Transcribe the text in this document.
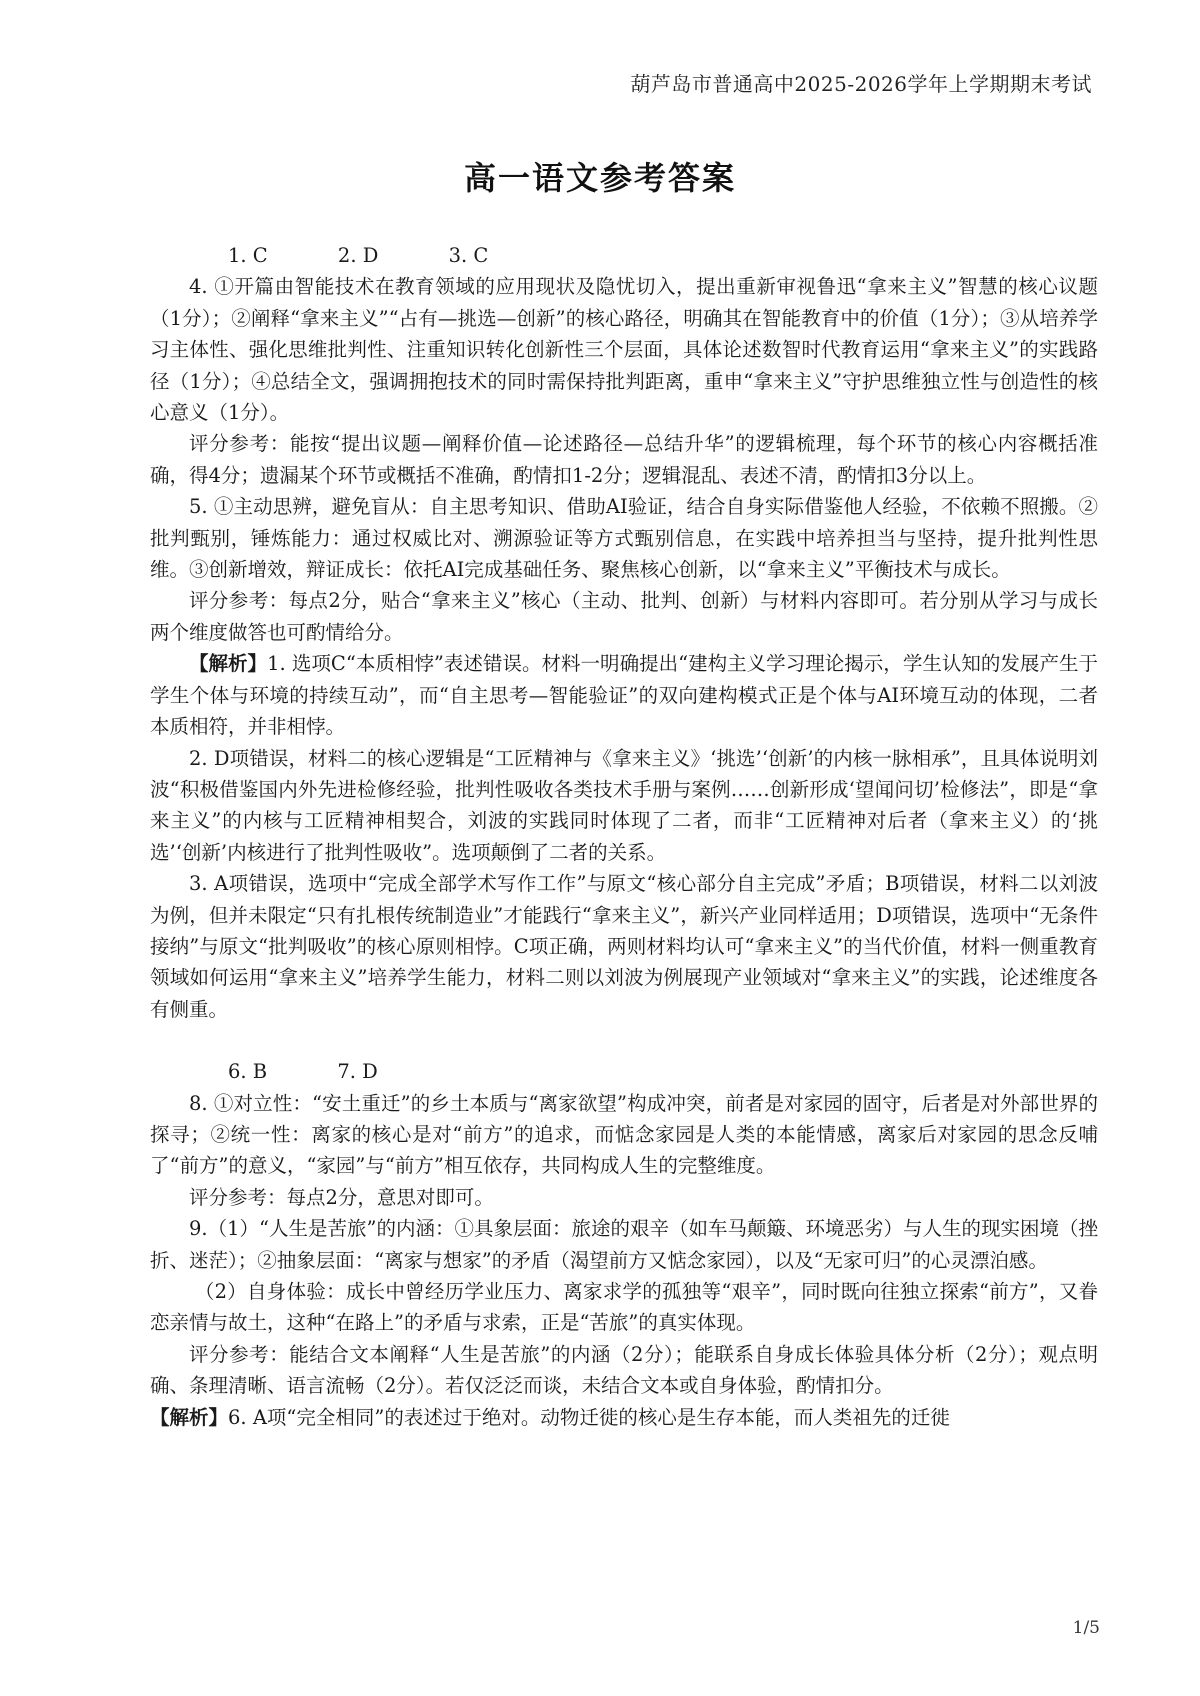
葫芦岛市普通高中2025-2026学年上学期期末考试
高一语文参考答案

1. C	2. D	3. C

4. ①开篇由智能技术在教育领域的应用现状及隐忧切入，提出重新审视鲁迅“拿来主义”智慧的核心议题（1分）；②阐释“拿来主义”“占有—挑选—创新”的核心路径，明确其在智能教育中的价值（1分）；③从培养学习主体性、强化思维批判性、注重知识转化创新性三个层面，具体论述数智时代教育运用“拿来主义”的实践路径（1分）；④总结全文，强调拥抱技术的同时需保持批判距离，重申“拿来主义”守护思维独立性与创造性的核心意义（1分）。

评分参考：能按“提出议题—阐释价值—论述路径—总结升华”的逻辑梳理，每个环节的核心内容概括准确，得4分；遗漏某个环节或概括不准确，酌情扣1-2分；逻辑混乱、表述不清，酌情扣3分以上。

5. ①主动思辨，避免盲从：自主思考知识、借助AI验证，结合自身实际借鉴他人经验，不依赖不照搬。②批判甄别，锤炼能力：通过权威比对、溯源验证等方式甄别信息，在实践中培养担当与坚持，提升批判性思维。③创新增效，辩证成长：依托AI完成基础任务、聚焦核心创新，以“拿来主义”平衡技术与成长。

评分参考：每点2分，贴合“拿来主义”核心（主动、批判、创新）与材料内容即可。若分别从学习与成长两个维度做答也可酌情给分。

【解析】1. 选项C“本质相悖”表述错误。材料一明确提出“建构主义学习理论揭示，学生认知的发展产生于学生个体与环境的持续互动”，而“自主思考—智能验证”的双向建构模式正是个体与AI环境互动的体现，二者本质相符，并非相悖。

2. D项错误，材料二的核心逻辑是“工匠精神与《拿来主义》‘挑选’‘创新’的内核一脉相承”，且具体说明刘波“积极借鉴国内外先进检修经验，批判性吸收各类技术手册与案例……创新形成‘望闻问切’检修法”，即是“拿来主义”的内核与工匠精神相契合，刘波的实践同时体现了二者，而非“工匠精神对后者（拿来主义）的‘挑选’‘创新’内核进行了批判性吸收”。选项颠倒了二者的关系。

3. A项错误，选项中“完成全部学术写作工作”与原文“核心部分自主完成”矛盾；B项错误，材料二以刘波为例，但并未限定“只有扎根传统制造业”才能践行“拿来主义”，新兴产业同样适用；D项错误，选项中“无条件接纳”与原文“批判吸收”的核心原则相悖。C项正确，两则材料均认可“拿来主义”的当代价值，材料一侧重教育领域如何运用“拿来主义”培养学生能力，材料二则以刘波为例展现产业领域对“拿来主义”的实践，论述维度各有侧重。

6. B	7. D

8. ①对立性：“安土重迁”的乡土本质与“离家欲望”构成冲突，前者是对家园的固守，后者是对外部世界的探寻；②统一性：离家的核心是对“前方”的追求，而惦念家园是人类的本能情感，离家后对家园的思念反哺了“前方”的意义，“家园”与“前方”相互依存，共同构成人生的完整维度。

评分参考：每点2分，意思对即可。

9.（1）“人生是苦旅”的内涵：①具象层面：旅途的艰辛（如车马颠簸、环境恶劣）与人生的现实困境（挫折、迷茫）；②抽象层面：“离家与想家”的矛盾（渴望前方又惦念家园），以及“无家可归”的心灵漂泊感。

（2）自身体验：成长中曾经历学业压力、离家求学的孤独等“艰辛”，同时既向往独立探索“前方”，又眷恋亲情与故土，这种“在路上”的矛盾与求索，正是“苦旅”的真实体现。

评分参考：能结合文本阐释“人生是苦旅”的内涵（2分）；能联系自身成长体验具体分析（2分）；观点明确、条理清晰、语言流畅（2分）。若仅泛泛而谈，未结合文本或自身体验，酌情扣分。

【解析】6. A项“完全相同”的表述过于绝对。动物迁徙的核心是生存本能，而人类祖先的迁徙

1/5
